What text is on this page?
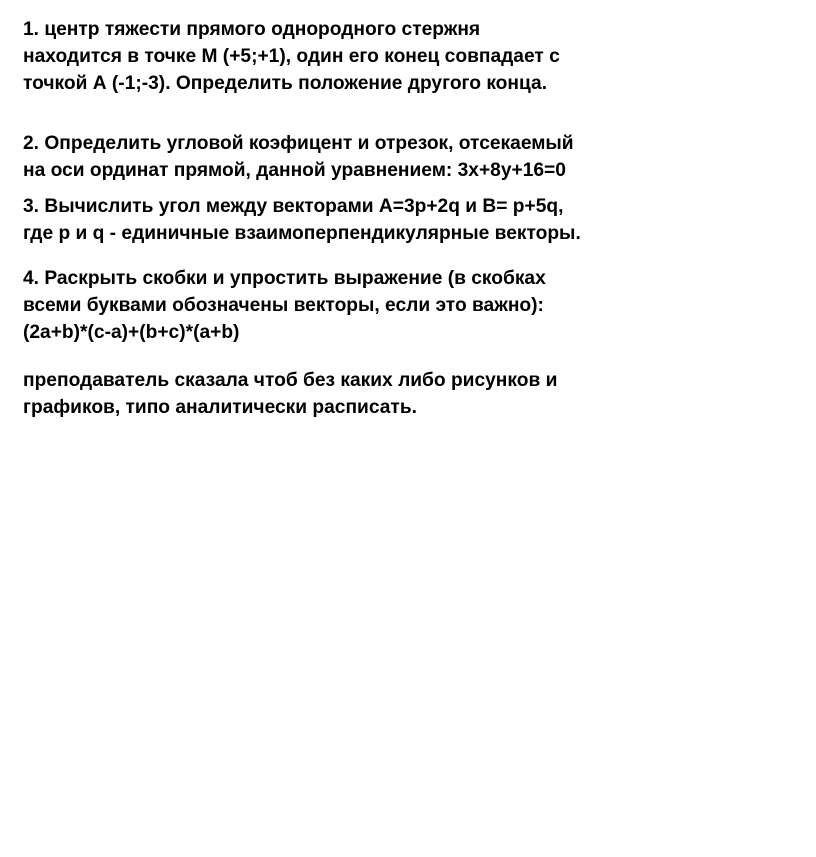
1. центр тяжести прямого однородного стержня

находится в точке М (+5;+1), один его конец совпадает с

точкой А (-1;-3). Определить положение другого конца.

2. Определить угловой коэфицент и отрезок, отсекаемый

на оси ординат прямой, данной уравнением: 3х+8у+16=0

3. Вычислить угол между векторами А=3р+2q и В= р+5q,

где р и q - единичные взаимоперпендикулярные векторы.

4. Раскрыть скобки и упростить выражение (в скобках

всеми буквами обозначены векторы, если это важно):

(2а+b)*(с-а)+(b+с)*(а+b)

преподаватель сказала чтоб без каких либо рисунков и

графиков, типо аналитически расписать.
